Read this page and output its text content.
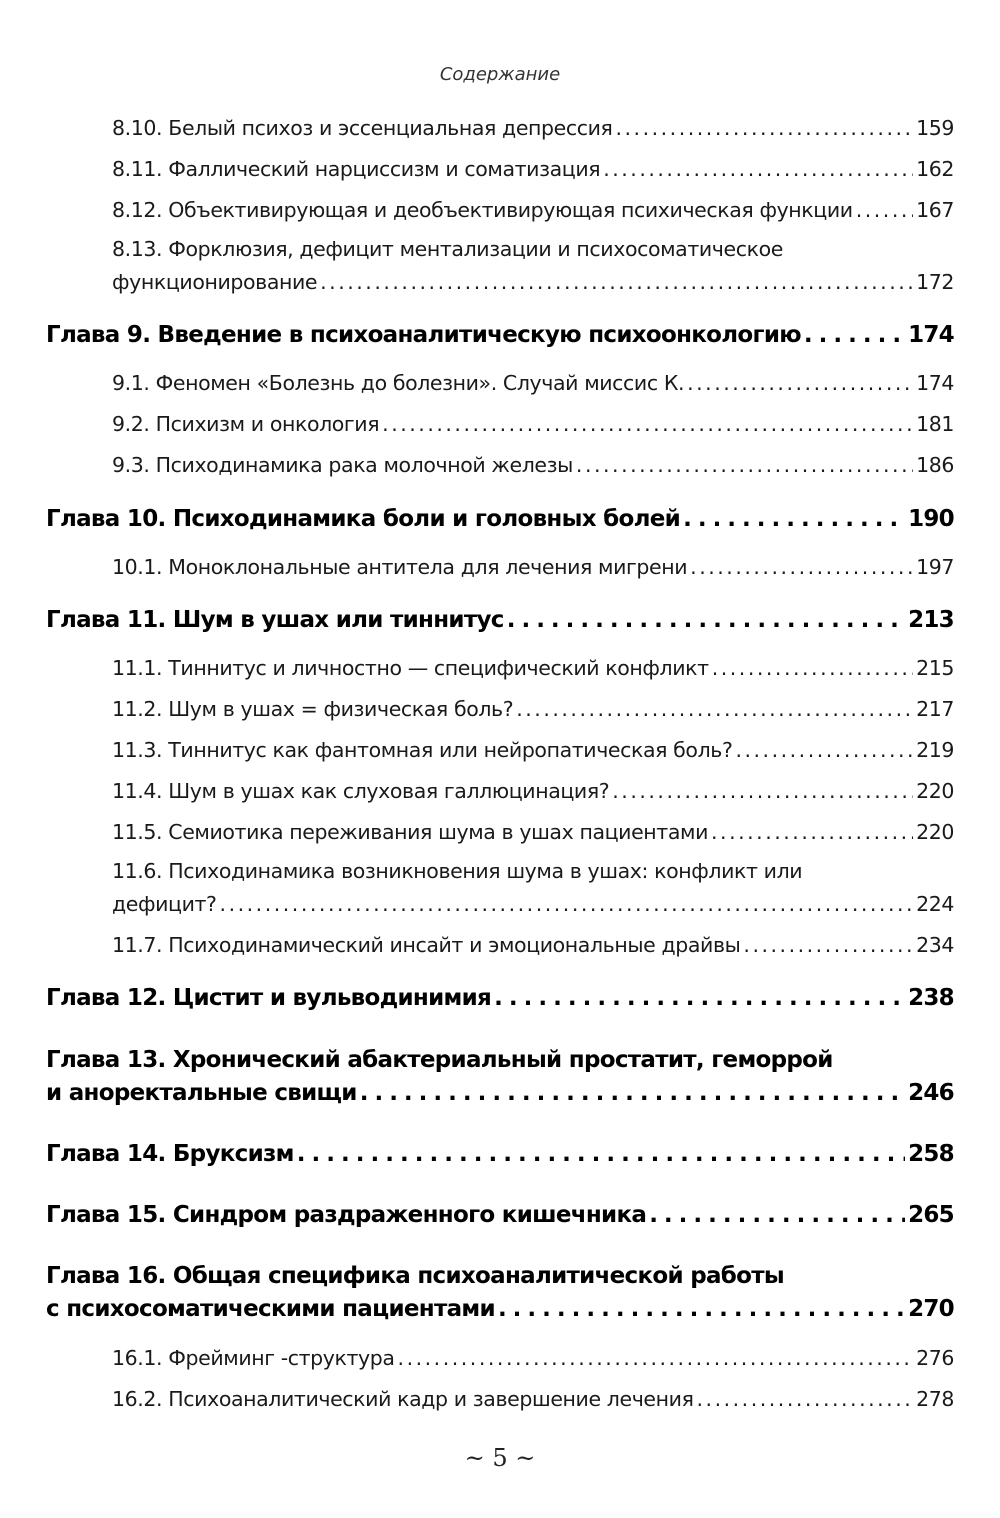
Содержание
8.10. Белый психоз и эссенциальная депрессия . . .	159
8.11. Фаллический нарциссизм и соматизация . . .	162
8.12. Объективирующая и деобъективирующая психическая функции . . .	167
8.13. Форклюзия, дефицит ментализации и психосоматическое
функционирование . . .	172
Глава 9. Введение в психоаналитическую психоонкологию . . .	174
9.1. Феномен «Болезнь до болезни». Случай миссис К. . . .	174
9.2. Психизм и онкология . . .	181
9.3. Психодинамика рака молочной железы . . .	186
Глава 10. Психодинамика боли и головных болей . . .	190
10.1. Моноклональные антитела для лечения мигрени . . .	197
Глава 11. Шум в ушах или тиннитус . . .	213
11.1. Тиннитус и личностно — специфический конфликт . . .	215
11.2. Шум в ушах = физическая боль? . . .	217
11.3. Тиннитус как фантомная или нейропатическая боль? . . .	219
11.4. Шум в ушах как слуховая галлюцинация? . . .	220
11.5. Семиотика переживания шума в ушах пациентами . . .	220
11.6. Психодинамика возникновения шума в ушах: конфликт или
дефицит? . . .	224
11.7. Психодинамический инсайт и эмоциональные драйвы . . .	234
Глава 12. Цистит и вульводинимия . . .	238
Глава 13. Хронический абактериальный простатит, геморрой
и аноректальные свищи . . .	246
Глава 14. Бруксизм . . .	258
Глава 15. Синдром раздраженного кишечника . . .	265
Глава 16. Общая специфика психоаналитической работы
с психосоматическими пациентами . . .	270
16.1. Фрейминг -структура . . .	276
16.2. Психоаналитический кадр и завершение лечения . . .	278
~ 5 ~
